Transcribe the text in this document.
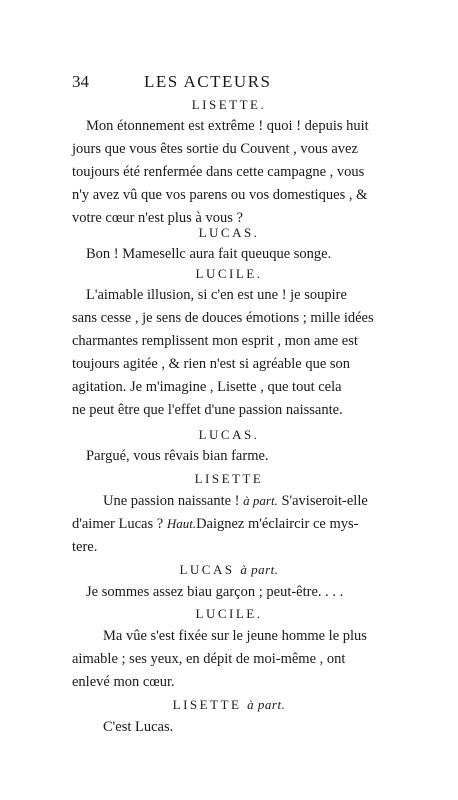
34	LES ACTEURS
LISETTE.
Mon étonnement est extrême ! quoi ! depuis huit
jours que vous êtes sortie du Couvent , vous avez
toujours été renfermée dans cette campagne , vous
n'y avez vû que vos parens ou vos domestiques , &
votre cœur n'est plus à vous ?
LUCAS.
Bon ! Mamesellc aura fait queuque songe.
LUCILE.
L'aimable illusion, si c'en est une ! je soupire
sans cesse , je sens de douces émotions ; mille idées
charmantes remplissent mon esprit , mon ame est
toujours agitée , & rien n'est si agréable que son
agitation. Je m'imagine , Lisette , que tout cela
ne peut être que l'effet d'une passion naissante.
LUCAS.
Pargué, vous rêvais bian farme.
LISETTE
Une passion naissante ! à part. S'aviseroit-elle
d'aimer Lucas ? Haut.Daignez m'éclaircir ce mys-
tere.
LUCAS à part.
Je sommes assez biau garçon ; peut-être. . . .
LUCILE.
Ma vûe s'est fixée sur le jeune homme le plus
aimable ; ses yeux, en dépit de moi-même , ont
enlevé mon cœur.
LISETTE à part.
C'est Lucas.
